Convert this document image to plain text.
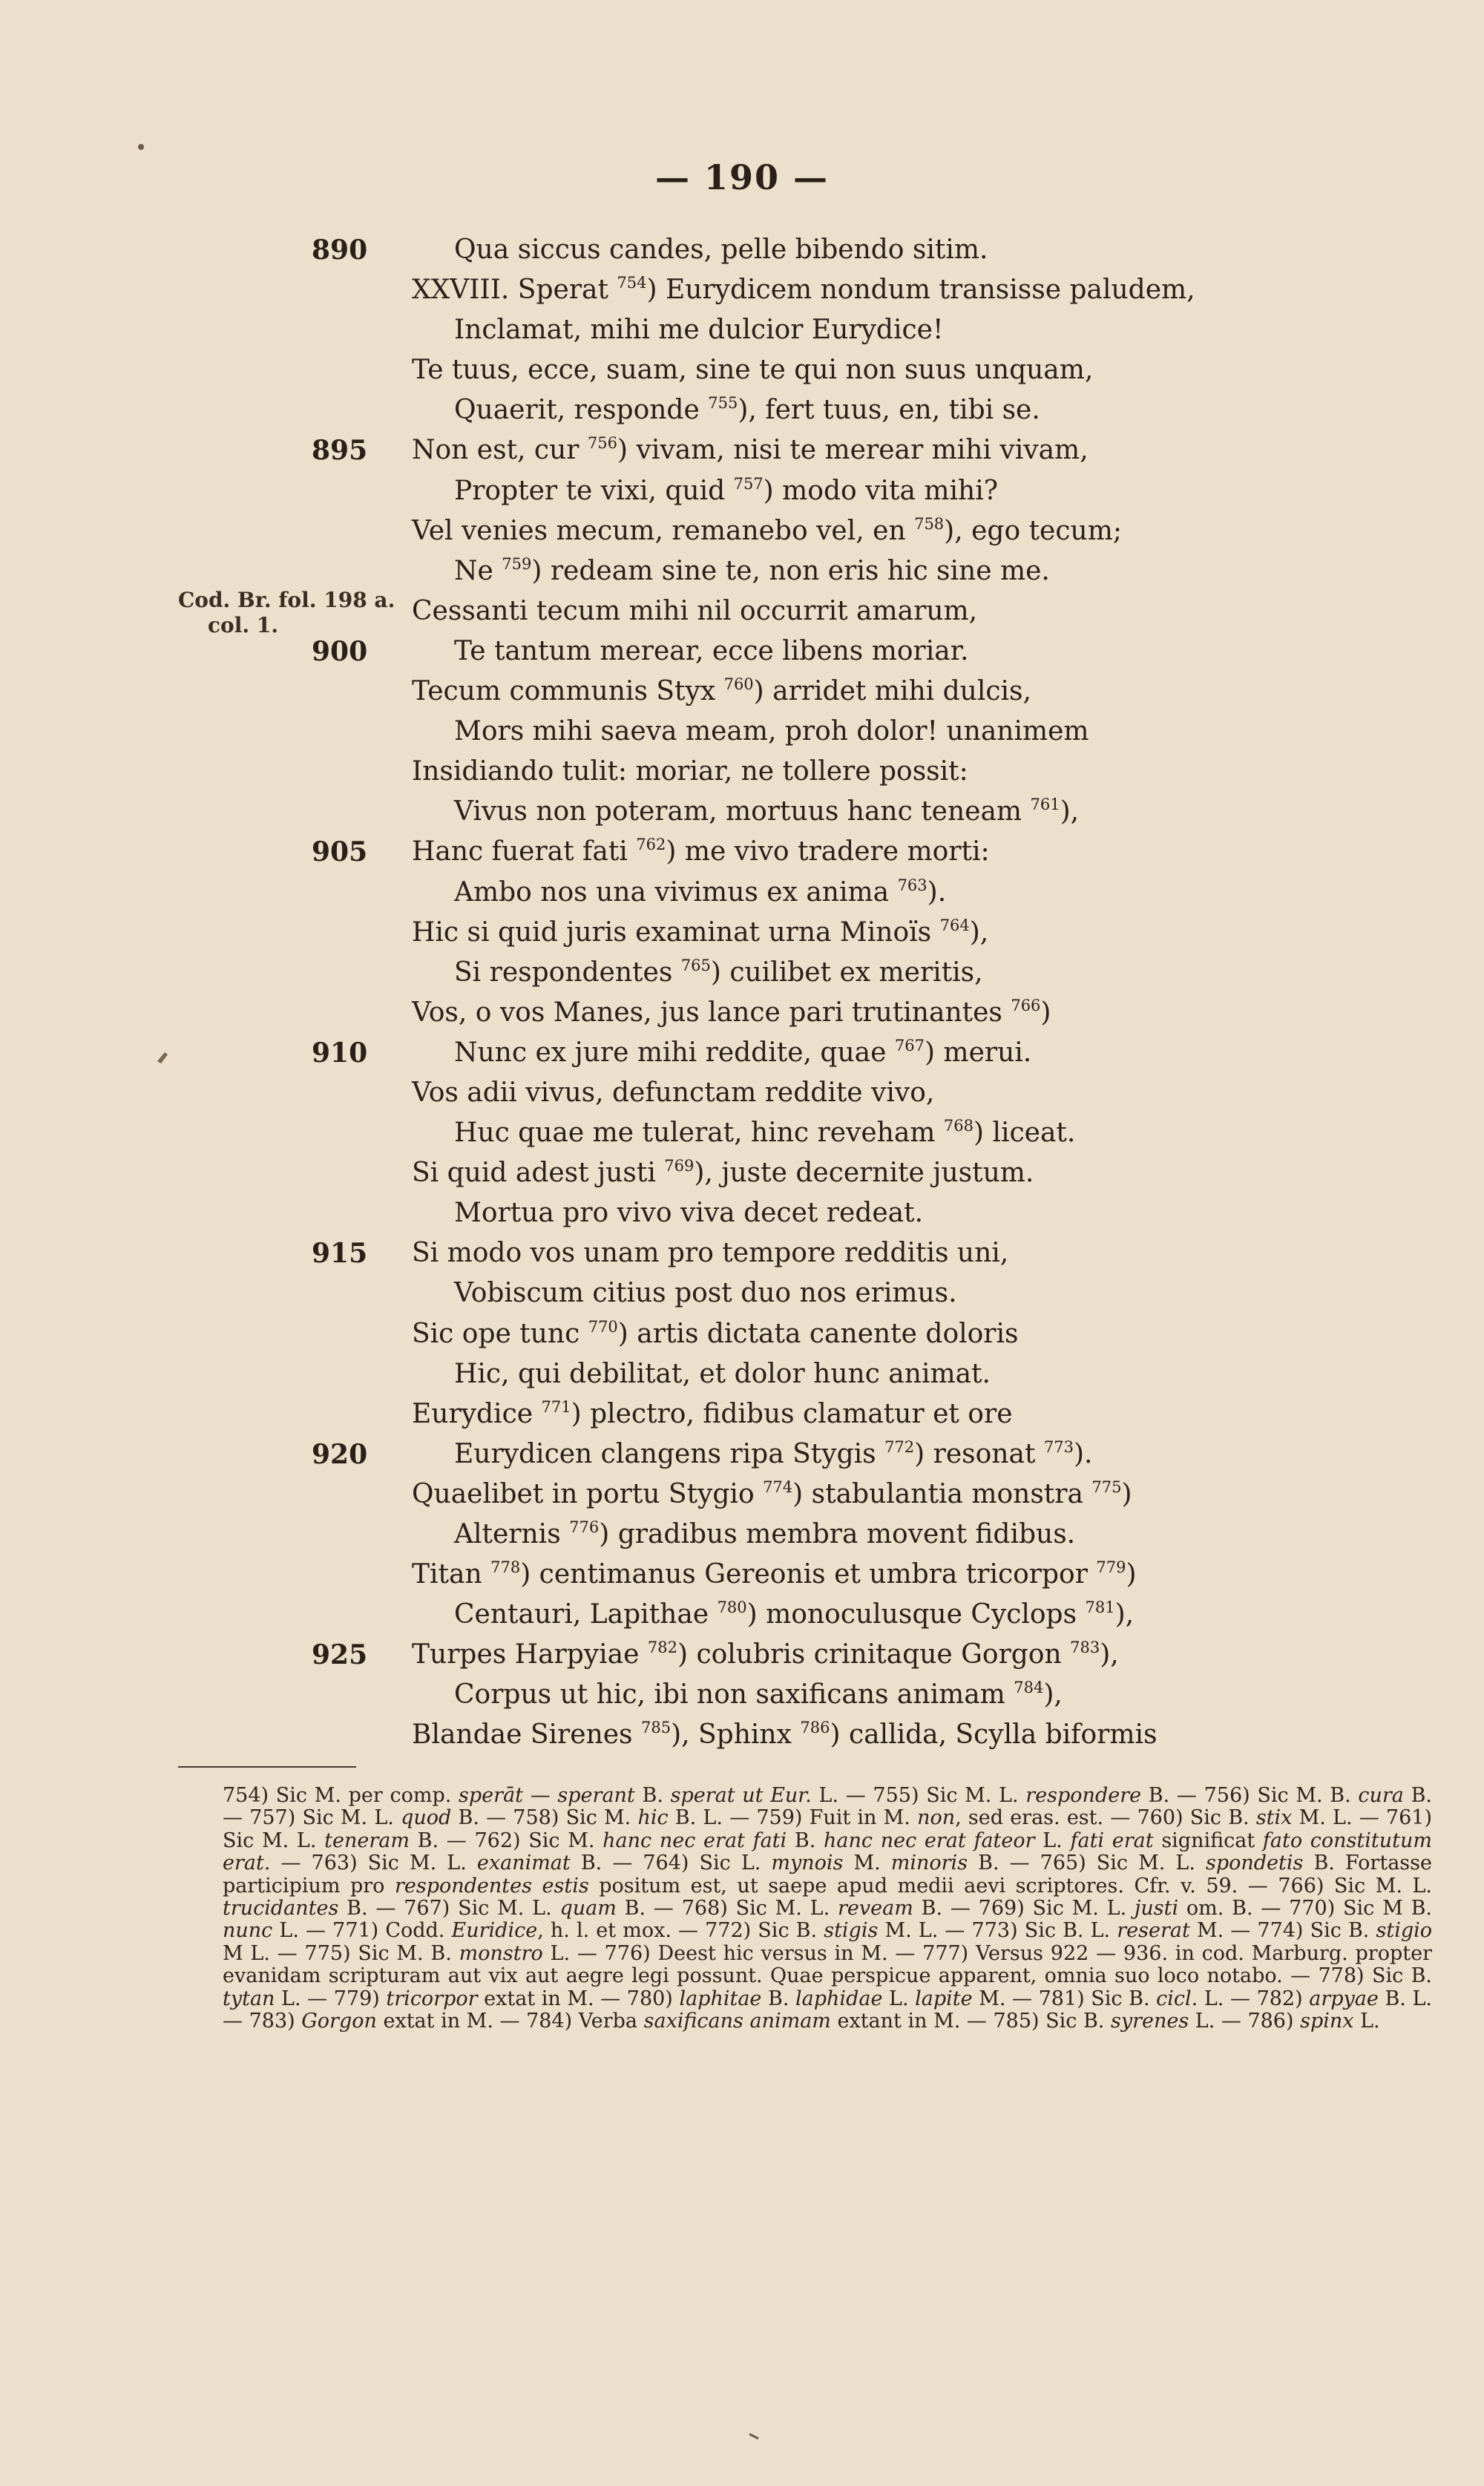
— 190 —
Cod. Br. fol. 198 a.
col. 1.
890	Qua siccus candes, pelle bibendo sitim.
XXVIII. Sperat $^{754}$) Eurydicem nondum transisse paludem,
Inclamat, mihi me dulcior Eurydice!
Te tuus, ecce, suam, sine te qui non suus unquam,
Quaerit, responde $^{755}$), fert tuus, en, tibi se.
895	Non est, cur $^{756}$) vivam, nisi te merear mihi vivam,
Propter te vixi, quid $^{757}$) modo vita mihi?
Vel venies mecum, remanebo vel, en $^{758}$), ego tecum;
Ne $^{759}$) redeam sine te, non eris hic sine me.
Cessanti tecum mihi nil occurrit amarum,
900	Te tantum merear, ecce libens moriar.
Tecum communis Styx $^{760}$) arridet mihi dulcis,
Mors mihi saeva meam, proh dolor! unanimem
Insidiando tulit: moriar, ne tollere possit:
Vivus non poteram, mortuus hanc teneam $^{761}$),
905	Hanc fuerat fati $^{762}$) me vivo tradere morti:
Ambo nos una vivimus ex anima $^{763}$).
Hic si quid juris examinat urna Minoïs $^{764}$),
Si respondentes $^{765}$) cuilibet ex meritis,
Vos, o vos Manes, jus lance pari trutinantes $^{766}$)
910	Nunc ex jure mihi reddite, quae $^{767}$) merui.
Vos adii vivus, defunctam reddite vivo,
Huc quae me tulerat, hinc reveham $^{768}$) liceat.
Si quid adest justi $^{769}$), juste decernite justum.
Mortua pro vivo viva decet redeat.
915	Si modo vos unam pro tempore redditis uni,
Vobiscum citius post duo nos erimus.
Sic ope tunc $^{770}$) artis dictata canente doloris
Hic, qui debilitat, et dolor hunc animat.
Eurydice $^{771}$) plectro, fidibus clamatur et ore
920	Eurydicen clangens ripa Stygis $^{772}$) resonat $^{773}$).
Quaelibet in portu Stygio $^{774}$) stabulantia monstra $^{775}$)
Alternis $^{776}$) gradibus membra movent fidibus.
Titan $^{778}$) centimanus Gereonis et umbra tricorpor $^{779}$)
Centauri, Lapithae $^{780}$) monoculusque Cyclops $^{781}$),
925	Turpes Harpyiae $^{782}$) colubris crinitaque Gorgon $^{783}$),
Corpus ut hic, ibi non saxificans animam $^{784}$),
Blandae Sirenes $^{785}$), Sphinx $^{786}$) callida, Scylla biformis

754) Sic M. per comp. sperāt — sperant B. sperat ut Eur. L. — 755) Sic M. L. respondere B. — 756) Sic M. B. cura B. — 757) Sic M. L. quod B. — 758) Sic M. hic B. L. — 759) Fuit in M. non, sed eras. est. — 760) Sic B. stix M. L. — 761) Sic M. L. teneram B. — 762) Sic M. hanc nec erat fati B. hanc nec erat fateor L. fati erat significat fato constitutum erat. — 763) Sic M. L. exanimat B. — 764) Sic L. mynois M. minoris B. — 765) Sic M. L. spondetis B. Fortasse participium pro respondentes estis positum est, ut saepe apud medii aevi scriptores. Cfr. v. 59. — 766) Sic M. L. trucidantes B. — 767) Sic M. L. quam B. — 768) Sic M. L. reveam B. — 769) Sic M. L. justi om. B. — 770) Sic M B. nunc L. — 771) Codd. Euridice, h. l. et mox. — 772) Sic B. stigis M. L. — 773) Sic B. L. reserat M. — 774) Sic B. stigio M L. — 775) Sic M. B. monstro L. — 776) Deest hic versus in M. — 777) Versus 922 — 936. in cod. Marburg. propter evanidam scripturam aut vix aut aegre legi possunt. Quae perspicue apparent, omnia suo loco notabo. — 778) Sic B. tytan L. — 779) tricorpor extat in M. — 780) laphitae B. laphidae L. lapite M. — 781) Sic B. cicl. L. — 782) arpyae B. L. — 783) Gorgon extat in M. — 784) Verba saxificans animam extant in M. — 785) Sic B. syrenes L. — 786) spinx L.
